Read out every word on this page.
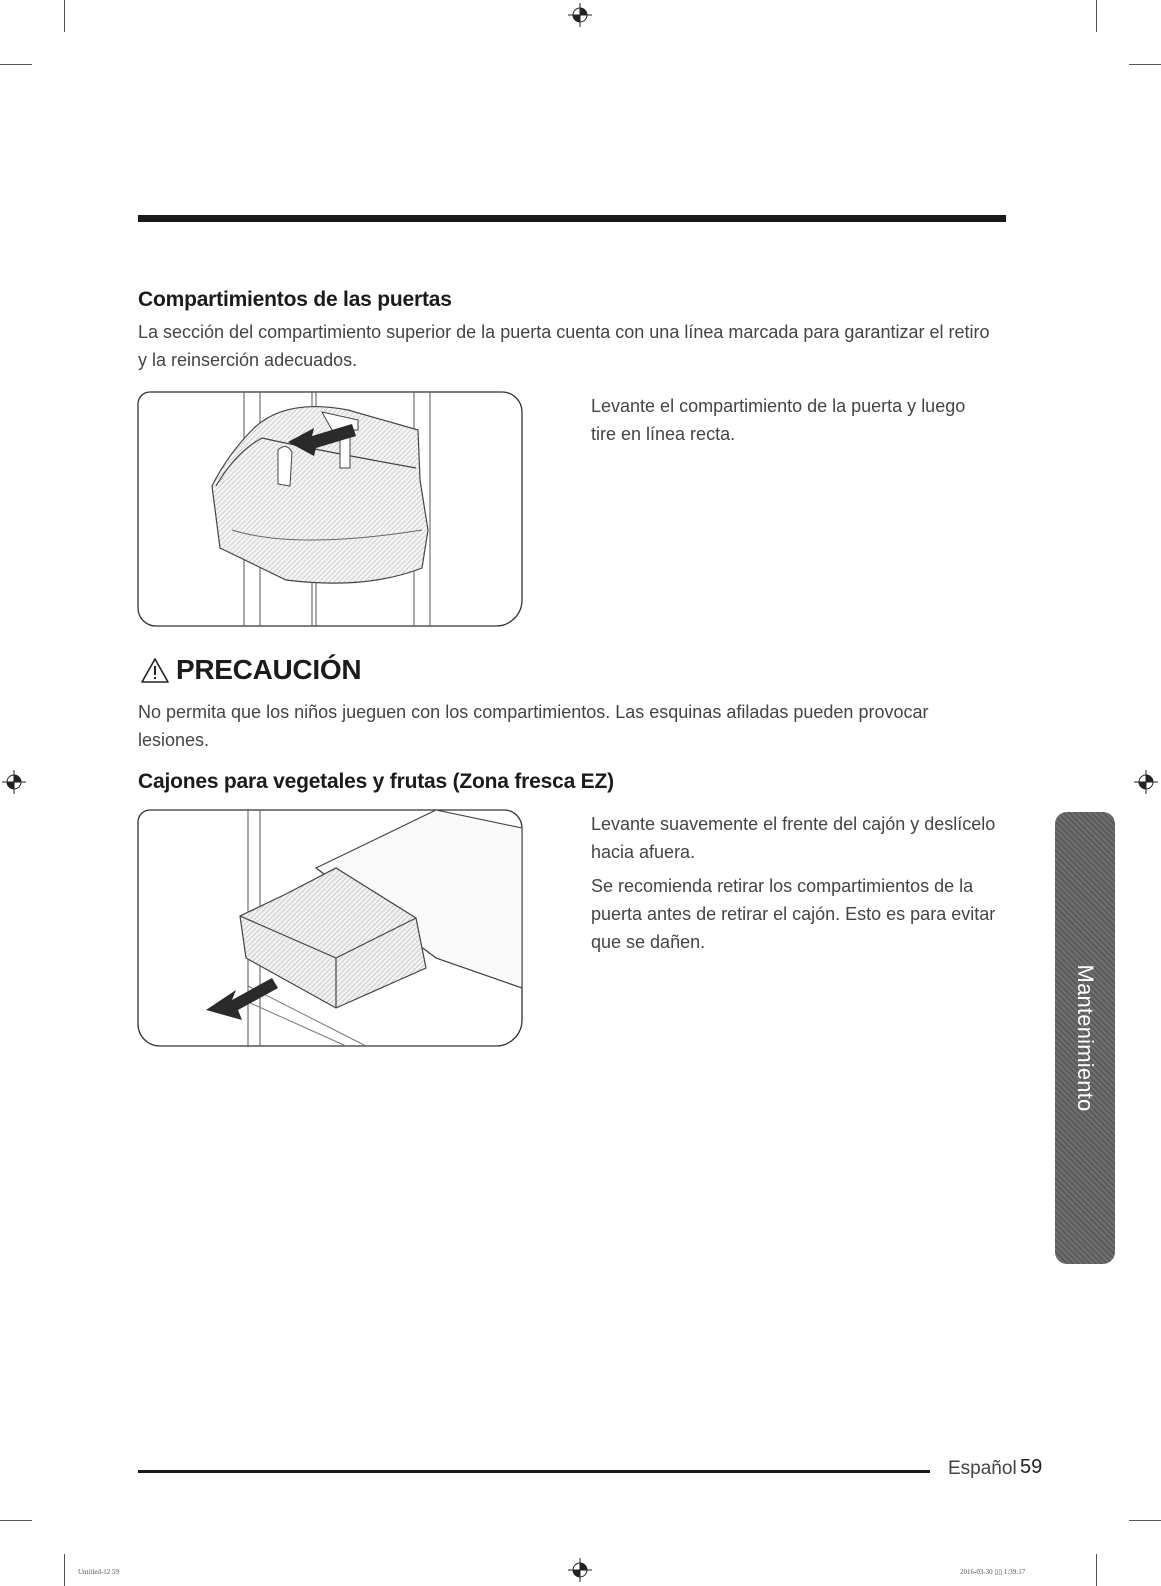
Compartimientos de las puertas
La sección del compartimiento superior de la puerta cuenta con una línea marcada para garantizar el retiro
y la reinserción adecuados.
Levante el compartimiento de la puerta y luego
tire en línea recta.
PRECAUCIÓN
No permita que los niños jueguen con los compartimientos. Las esquinas afiladas pueden provocar
lesiones.
Cajones para vegetales y frutas (Zona fresca EZ)
Levante suavemente el frente del cajón y deslícelo
hacia afuera.
Se recomienda retirar los compartimientos de la
puerta antes de retirar el cajón. Esto es para evitar
que se dañen.
Mantenimiento
Español 59
Untitled-12 59	2016-03-30 ▯▯ 1:39:17
